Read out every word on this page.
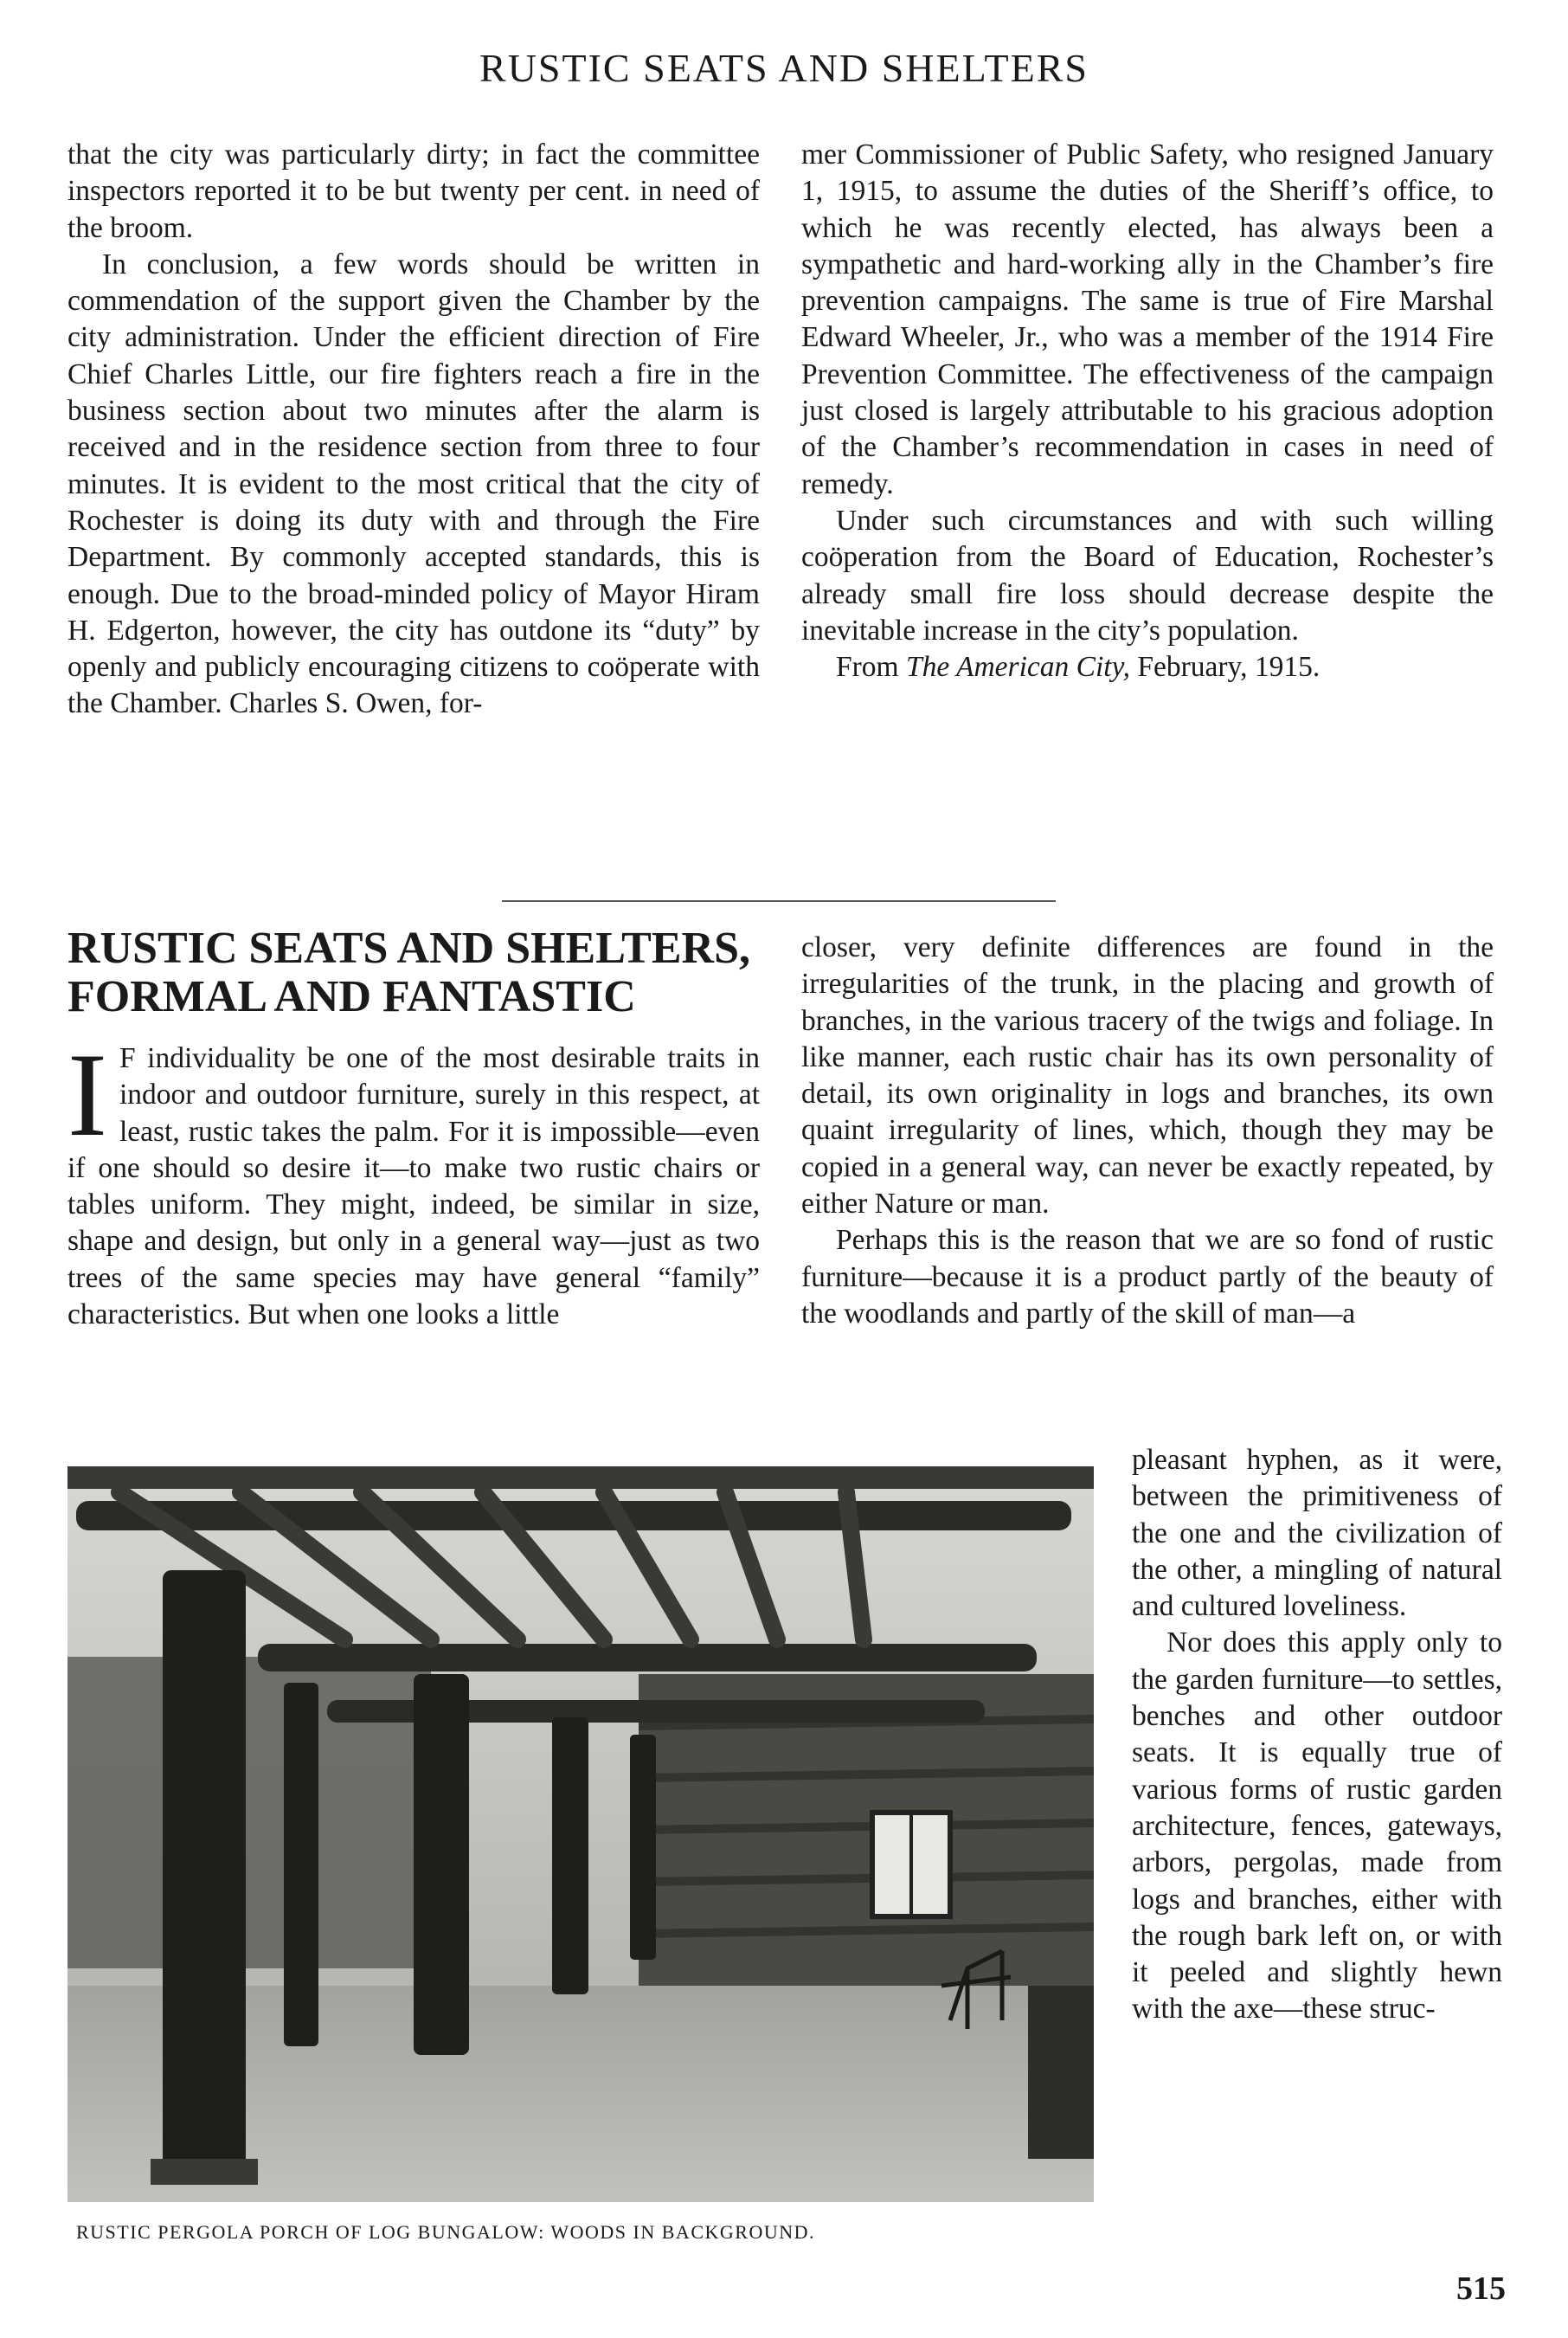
RUSTIC SEATS AND SHELTERS

that the city was particularly dirty; in fact the committee inspectors reported it to be but twenty per cent. in need of the broom.

In conclusion, a few words should be written in commendation of the support given the Chamber by the city administration. Under the efficient direction of Fire Chief Charles Little, our fire fighters reach a fire in the business section about two minutes after the alarm is received and in the residence section from three to four minutes. It is evident to the most critical that the city of Rochester is doing its duty with and through the Fire Department. By commonly accepted standards, this is enough. Due to the broad-minded policy of Mayor Hiram H. Edgerton, however, the city has outdone its “duty” by openly and publicly encouraging citizens to coöperate with the Chamber. Charles S. Owen, for-

mer Commissioner of Public Safety, who resigned January 1, 1915, to assume the duties of the Sheriff’s office, to which he was recently elected, has always been a sympathetic and hard-working ally in the Chamber’s fire prevention campaigns. The same is true of Fire Marshal Edward Wheeler, Jr., who was a member of the 1914 Fire Prevention Committee. The effectiveness of the campaign just closed is largely attributable to his gracious adoption of the Chamber’s recommendation in cases in need of remedy.

Under such circumstances and with such willing coöperation from the Board of Education, Rochester’s already small fire loss should decrease despite the inevitable increase in the city’s population.

From The American City, February, 1915.

RUSTIC SEATS AND SHELTERS,
FORMAL AND FANTASTIC

I F individuality be one of the most desirable traits in indoor and outdoor furniture, surely in this respect, at least, rustic takes the palm. For it is impossible—even if one should so desire it—to make two rustic chairs or tables uniform. They might, indeed, be similar in size, shape and design, but only in a general way—just as two trees of the same species may have general “family” characteristics. But when one looks a little

closer, very definite differences are found in the irregularities of the trunk, in the placing and growth of branches, in the various tracery of the twigs and foliage. In like manner, each rustic chair has its own personality of detail, its own originality in logs and branches, its own quaint irregularity of lines, which, though they may be copied in a general way, can never be exactly repeated, by either Nature or man.

Perhaps this is the reason that we are so fond of rustic furniture—because it is a product partly of the beauty of the woodlands and partly of the skill of man—a

pleasant hyphen, as it were, between the primitiveness of the one and the civilization of the other, a mingling of natural and cultured loveliness.

Nor does this apply only to the garden furniture—to settles, benches and other outdoor seats. It is equally true of various forms of rustic garden architecture, fences, gateways, arbors, pergolas, made from logs and branches, either with the rough bark left on, or with it peeled and slightly hewn with the axe—these struc-

RUSTIC PERGOLA PORCH OF LOG BUNGALOW: WOODS IN BACKGROUND.
515
